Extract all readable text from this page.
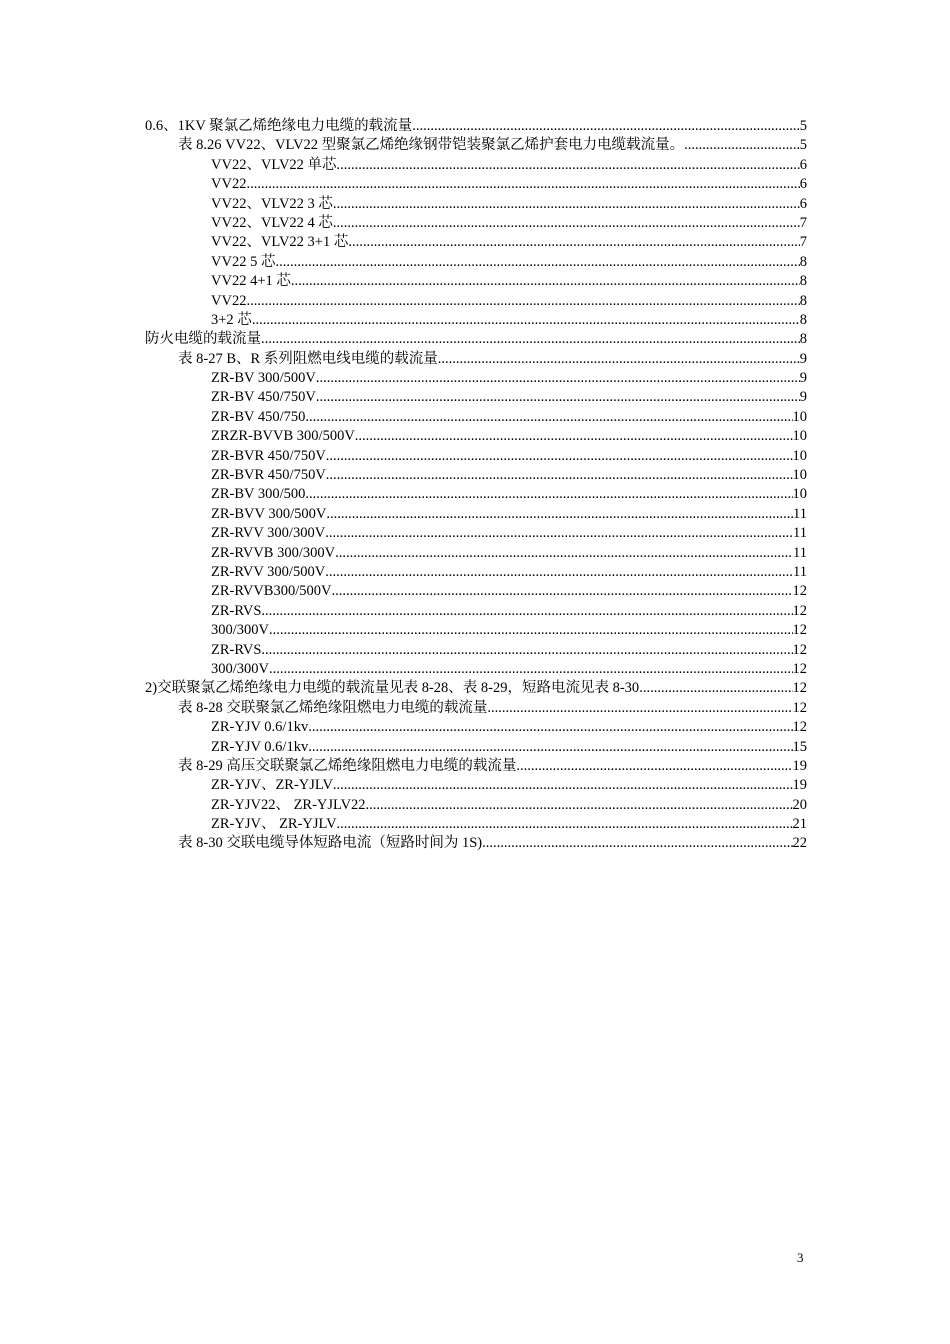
0.6、1KV 聚氯乙烯绝缘电力电缆的载流量 .....	5
表 8.26 VV22、VLV22 型聚氯乙烯绝缘钢带铠装聚氯乙烯护套电力电缆载流量。 .....	5
VV22、VLV22 单芯 .....	6
VV22 .....	6
VV22、VLV22 3 芯 .....	6
VV22、VLV22 4 芯 .....	7
VV22、VLV22 3+1 芯 .....	7
VV22 5 芯 .....	8
VV22 4+1 芯 .....	8
VV22 .....	8
3+2 芯 .....	8
防火电缆的载流量 .....	8
表 8-27 B、R 系列阻燃电线电缆的载流量 .....	9
ZR-BV 300/500V .....	9
ZR-BV 450/750V .....	9
ZR-BV 450/750 .....	10
ZRZR-BVVB 300/500V .....	10
ZR-BVR 450/750V .....	10
ZR-BVR 450/750V .....	10
ZR-BV 300/500 .....	10
ZR-BVV 300/500V .....	11
ZR-RVV 300/300V .....	11
ZR-RVVB 300/300V .....	11
ZR-RVV 300/500V .....	11
ZR-RVVB300/500V .....	12
ZR-RVS .....	12
300/300V .....	12
ZR-RVS .....	12
300/300V .....	12
2)交联聚氯乙烯绝缘电力电缆的载流量见表 8-28、表 8-29，短路电流见表 8-30 .....	12
表 8-28 交联聚氯乙烯绝缘阻燃电力电缆的载流量 .....	12
ZR-YJV 0.6/1kv .....	12
ZR-YJV 0.6/1kv .....	15
表 8-29 高压交联聚氯乙烯绝缘阻燃电力电缆的载流量 .....	19
ZR-YJV、ZR-YJLV .....	19
ZR-YJV22、 ZR-YJLV22 .....	20
ZR-YJV、 ZR-YJLV .....	21
表 8-30 交联电缆导体短路电流（短路时间为 1S) .....	22
3
